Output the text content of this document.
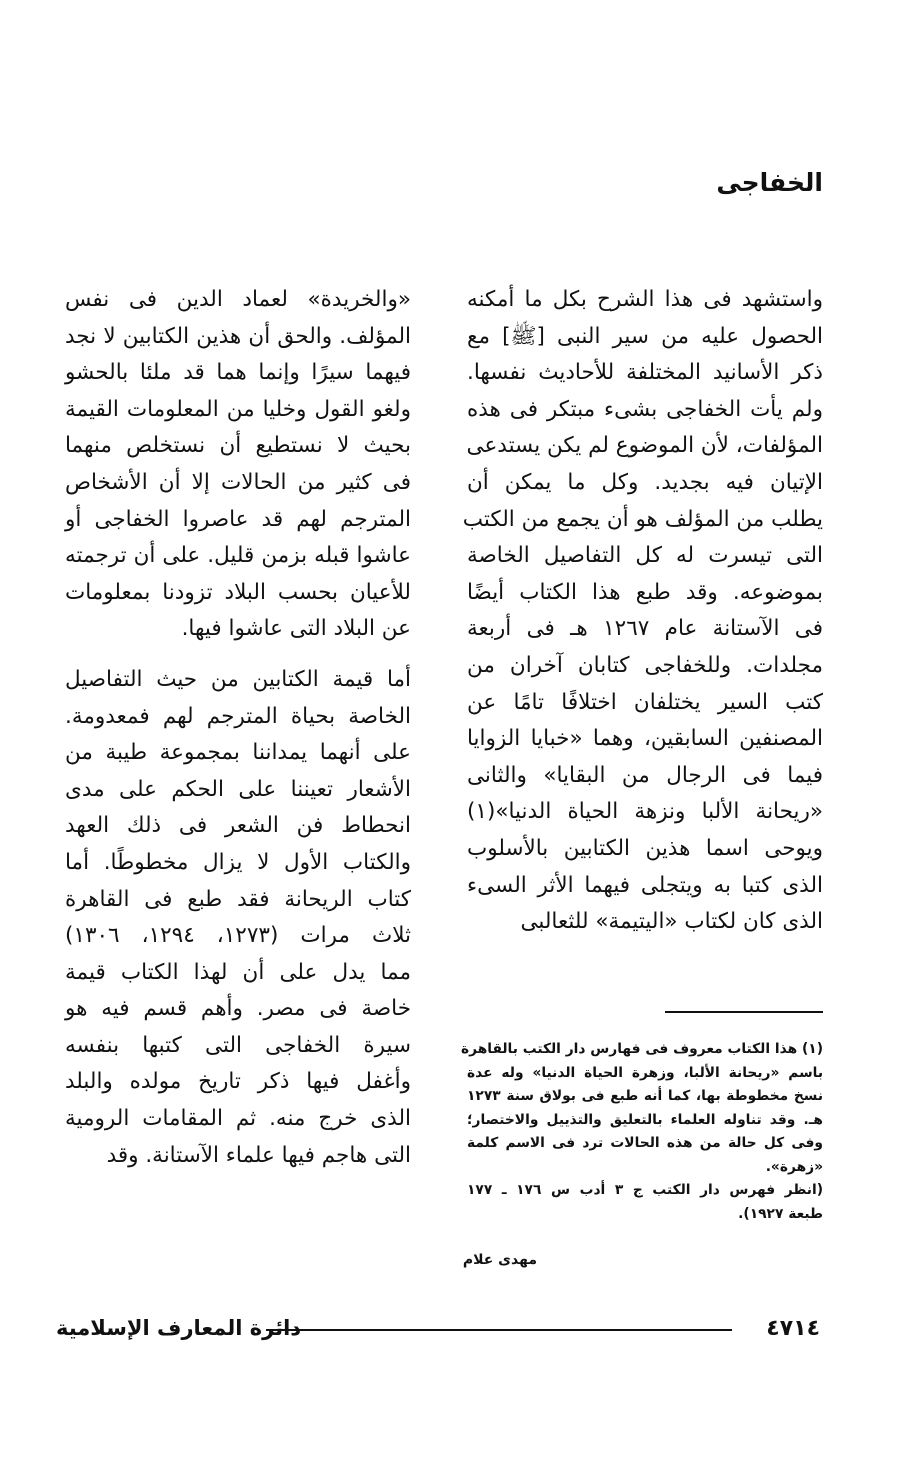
الخفاجى
واستشهد فى هذا الشرح بكل ما أمكنه
الحصول عليه من سير النبى [ﷺ] مع
ذكر الأسانيد المختلفة للأحاديث نفسها.
ولم يأت الخفاجى بشىء مبتكر فى هذه
المؤلفات، لأن الموضوع لم يكن يستدعى
الإتيان فيه بجديد. وكل ما يمكن أن
يطلب من المؤلف هو أن يجمع من الكتب
التى تيسرت له كل التفاصيل الخاصة
بموضوعه. وقد طبع هذا الكتاب أيضًا
فى الآستانة عام ١٢٦٧ هـ فى أربعة
مجلدات. وللخفاجى كتابان آخران من
كتب السير يختلفان اختلافًا تامًا عن
المصنفين السابقين، وهما «خبايا الزوايا
فيما فى الرجال من البقايا» والثانى
«ريحانة الألبا ونزهة الحياة الدنيا»(١)
ويوحى اسما هذين الكتابين بالأسلوب
الذى كتبا به ويتجلى فيهما الأثر السىء
الذى كان لكتاب «اليتيمة» للثعالبى
«والخريدة» لعماد الدين فى نفس
المؤلف. والحق أن هذين الكتابين لا نجد
فيهما سيرًا وإنما هما قد ملئا بالحشو
ولغو القول وخليا من المعلومات القيمة
بحيث لا نستطيع أن نستخلص منهما
فى كثير من الحالات إلا أن الأشخاص
المترجم لهم قد عاصروا الخفاجى أو
عاشوا قبله بزمن قليل. على أن ترجمته
للأعيان بحسب البلاد تزودنا بمعلومات
عن البلاد التى عاشوا فيها.
أما قيمة الكتابين من حيث التفاصيل
الخاصة بحياة المترجم لهم فمعدومة.
على أنهما يمداننا بمجموعة طيبة من
الأشعار تعيننا على الحكم على مدى
انحطاط فن الشعر فى ذلك العهد
والكتاب الأول لا يزال مخطوطًا. أما
كتاب الريحانة فقد طبع فى القاهرة
ثلاث مرات (١٢٧٣، ١٢٩٤، ١٣٠٦)
مما يدل على أن لهذا الكتاب قيمة
خاصة فى مصر. وأهم قسم فيه هو
سيرة الخفاجى التى كتبها بنفسه
وأغفل فيها ذكر تاريخ مولده والبلد
الذى خرج منه. ثم المقامات الرومية
التى هاجم فيها علماء الآستانة. وقد
(١) هذا الكتاب معروف فى فهارس دار الكتب بالقاهرة
باسم «ريحانة الألبا، وزهرة الحياة الدنيا» وله عدة
نسخ مخطوطة بها، كما أنه طبع فى بولاق سنة ١٢٧٣
هـ. وقد تناوله العلماء بالتعليق والتذييل والاختصار؛
وفى كل حالة من هذه الحالات ترد فى الاسم كلمة
«زهرة».
(انظر فهرس دار الكتب ج ٣ أدب س ١٧٦ ـ ١٧٧
طبعة ١٩٢٧).
مهدى علام
٤٧١٤
دائرة المعارف الإسلامية
